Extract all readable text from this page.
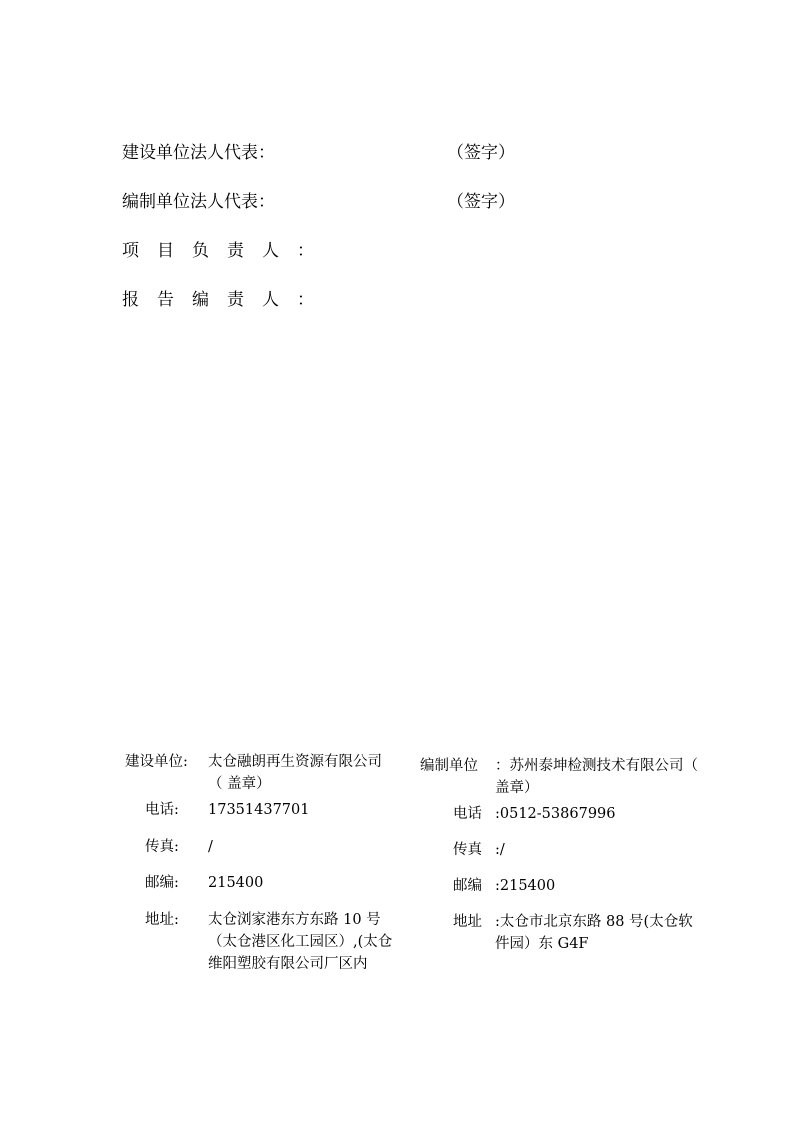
建设单位法人代表：	（签字）
编制单位法人代表：	（签字）
项目负责人：
报告编责人：
建设单位: 太仓融朗再生资源有限公司（ 盖章）
电话: 17351437701
传真: /
邮编: 215400
地址: 太仓浏家港东方东路 10 号（太仓港区化工园区）,(太仓维阳塑胶有限公司厂区内
编制单位 ：苏州泰坤检测技术有限公司（ 盖章）
电话 :0512-53867996
传真 :/
邮编 :215400
地址 :太仓市北京东路 88 号(太仓软件园）东 G4F
